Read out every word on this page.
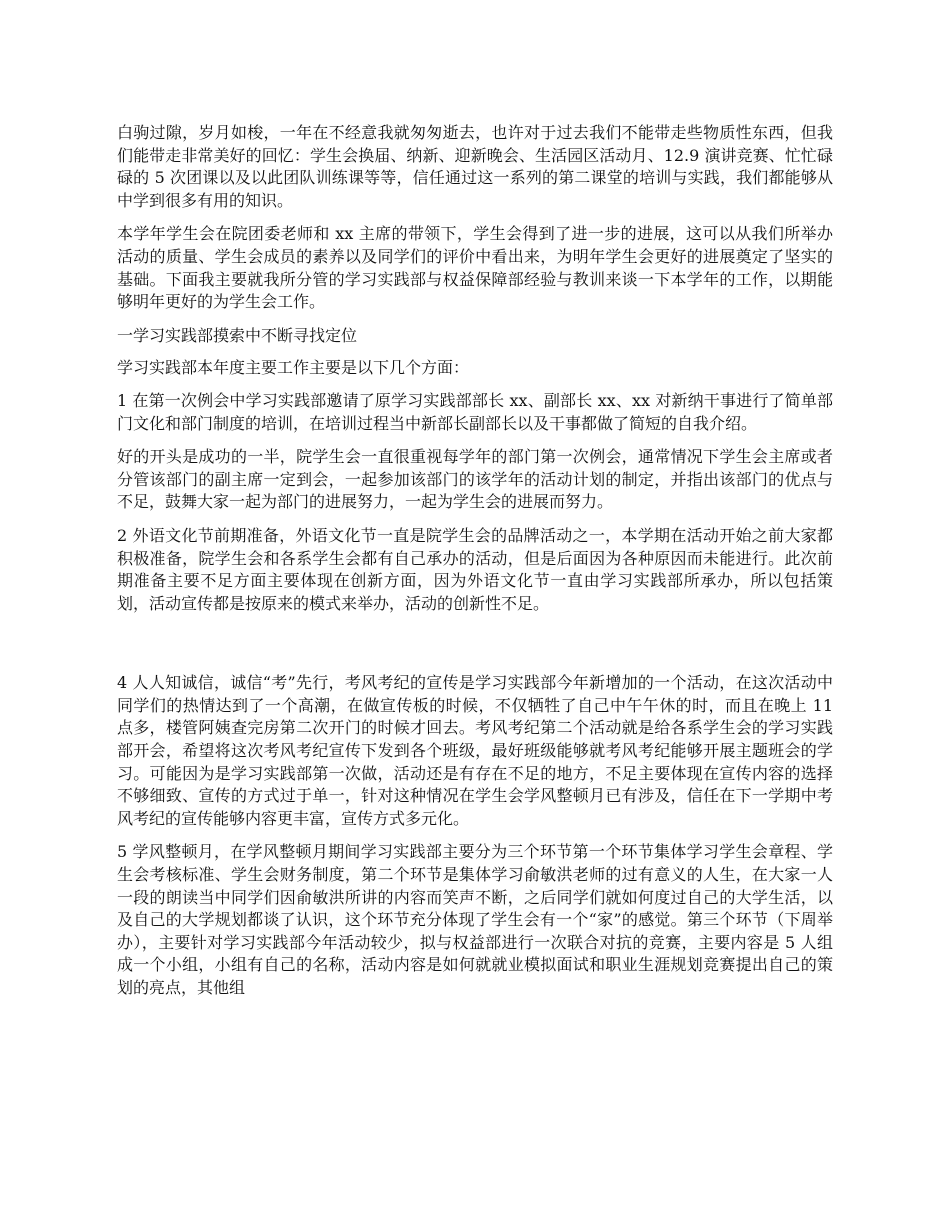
白驹过隙，岁月如梭，一年在不经意我就匆匆逝去，也许对于过去我们不能带走些物质性东西，但我们能带走非常美好的回忆：学生会换届、纳新、迎新晚会、生活园区活动月、12.9 演讲竞赛、忙忙碌碌的 5 次团课以及以此团队训练课等等，信任通过这一系列的第二课堂的培训与实践，我们都能够从中学到很多有用的知识。

本学年学生会在院团委老师和 xx 主席的带领下，学生会得到了进一步的进展，这可以从我们所举办活动的质量、学生会成员的素养以及同学们的评价中看出来，为明年学生会更好的进展奠定了坚实的基础。下面我主要就我所分管的学习实践部与权益保障部经验与教训来谈一下本学年的工作，以期能够明年更好的为学生会工作。

一学习实践部摸索中不断寻找定位

学习实践部本年度主要工作主要是以下几个方面：

1 在第一次例会中学习实践部邀请了原学习实践部部长 xx、副部长 xx、xx 对新纳干事进行了简单部门文化和部门制度的培训，在培训过程当中新部长副部长以及干事都做了简短的自我介绍。

好的开头是成功的一半，院学生会一直很重视每学年的部门第一次例会，通常情况下学生会主席或者分管该部门的副主席一定到会，一起参加该部门的该学年的活动计划的制定，并指出该部门的优点与不足，鼓舞大家一起为部门的进展努力，一起为学生会的进展而努力。

2 外语文化节前期准备，外语文化节一直是院学生会的品牌活动之一，本学期在活动开始之前大家都积极准备，院学生会和各系学生会都有自己承办的活动，但是后面因为各种原因而未能进行。此次前期准备主要不足方面主要体现在创新方面，因为外语文化节一直由学习实践部所承办，所以包括策划，活动宣传都是按原来的模式来举办，活动的创新性不足。

4 人人知诚信，诚信“考”先行，考风考纪的宣传是学习实践部今年新增加的一个活动，在这次活动中同学们的热情达到了一个高潮，在做宣传板的时候，不仅牺牲了自己中午午休的时，而且在晚上 11 点多，楼管阿姨查完房第二次开门的时候才回去。考风考纪第二个活动就是给各系学生会的学习实践部开会，希望将这次考风考纪宣传下发到各个班级，最好班级能够就考风考纪能够开展主题班会的学习。可能因为是学习实践部第一次做，活动还是有存在不足的地方，不足主要体现在宣传内容的选择不够细致、宣传的方式过于单一，针对这种情况在学生会学风整顿月已有涉及，信任在下一学期中考风考纪的宣传能够内容更丰富，宣传方式多元化。

5 学风整顿月，在学风整顿月期间学习实践部主要分为三个环节第一个环节集体学习学生会章程、学生会考核标准、学生会财务制度，第二个环节是集体学习俞敏洪老师的过有意义的人生，在大家一人一段的朗读当中同学们因俞敏洪所讲的内容而笑声不断，之后同学们就如何度过自己的大学生活，以及自己的大学规划都谈了认识，这个环节充分体现了学生会有一个“家”的感觉。第三个环节（下周举办），主要针对学习实践部今年活动较少，拟与权益部进行一次联合对抗的竞赛，主要内容是 5 人组成一个小组，小组有自己的名称，活动内容是如何就就业模拟面试和职业生涯规划竞赛提出自己的策划的亮点，其他组
